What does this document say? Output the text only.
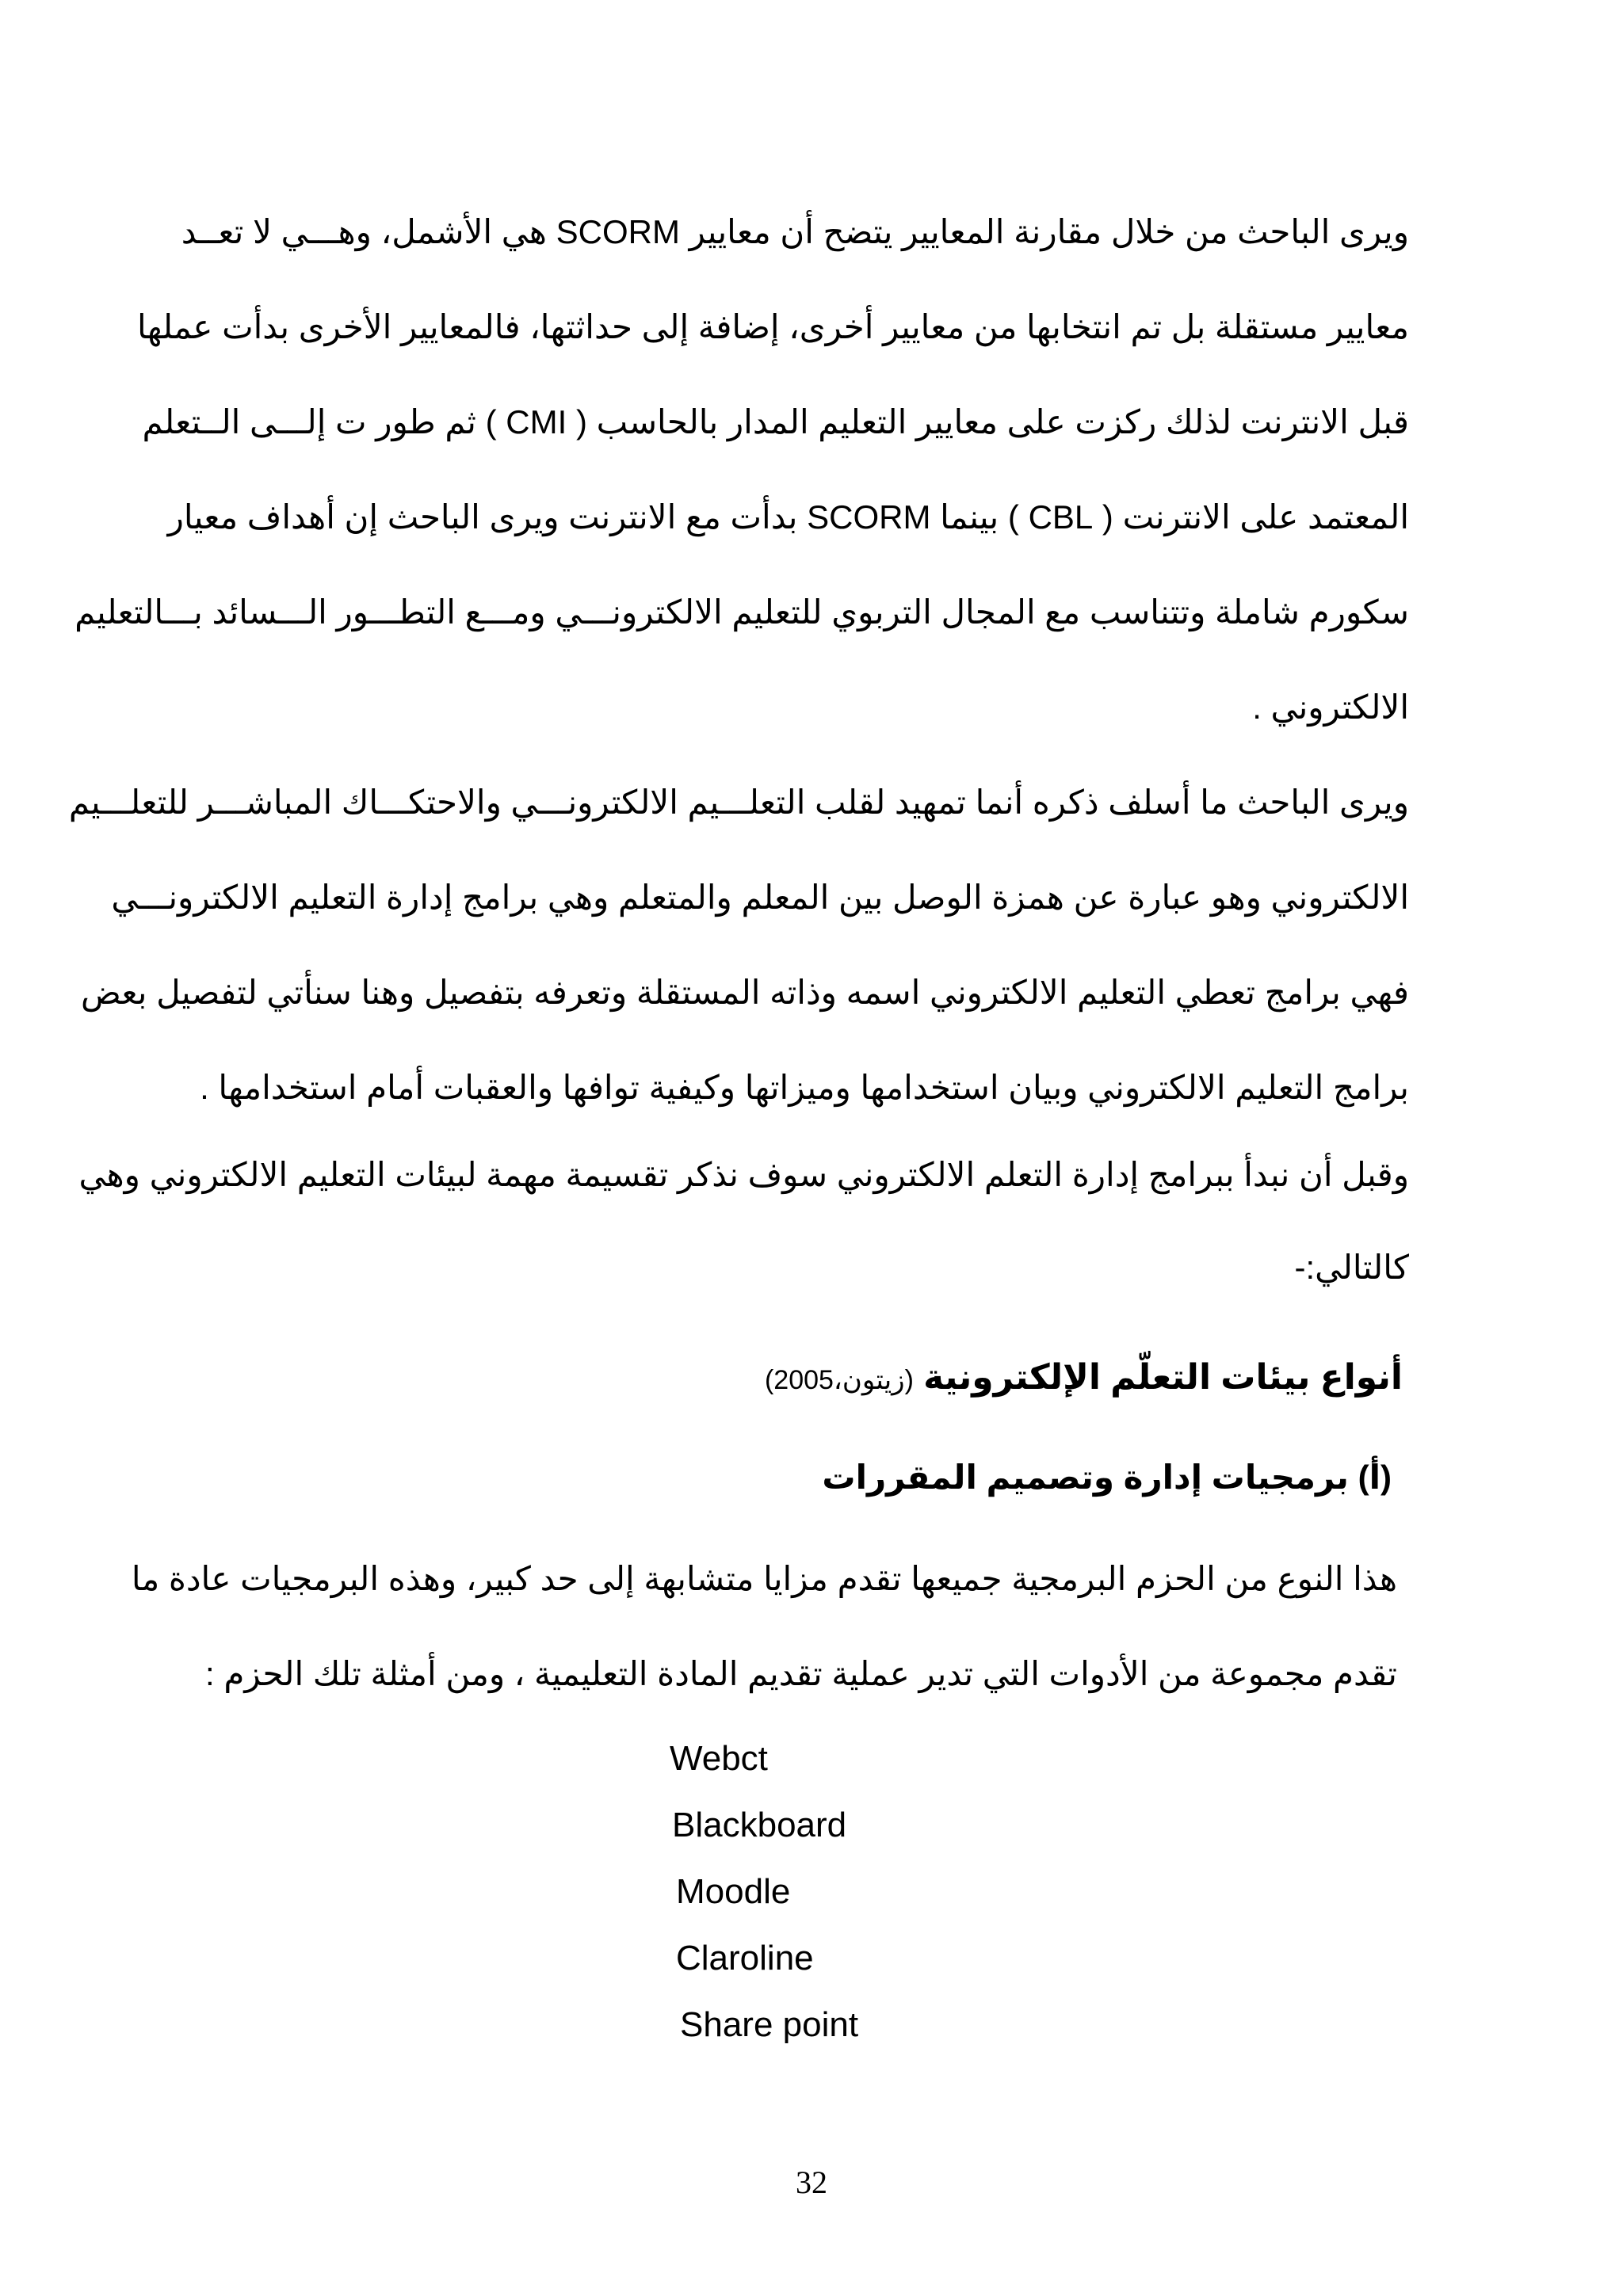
ويرى الباحث من خلال مقارنة المعايير يتضح أن معايير SCORM هي الأشمل، وهـــي لا تعــد
معايير مستقلة بل تم انتخابها من معايير أخرى، إضافة إلى حداثتها، فالمعايير الأخرى بدأت عملها
قبل الانترنت لذلك ركزت على معايير التعليم المدار بالحاسب ( CMI ) ثم طور ت إلـــى الــتعلم
المعتمد على الانترنت ( CBL ) بينما SCORM بدأت مع الانترنت ويرى الباحث إن أهداف معيار
سكورم شاملة وتتناسب مع المجال التربوي للتعليم الالكترونـــي ومـــع التطـــور الـــسائد بـــالتعليم
الالكتروني .
ويرى الباحث ما أسلف ذكره أنما تمهيد لقلب التعلـــيم الالكترونـــي والاحتكـــاك المباشـــر للتعلـــيم
الالكتروني وهو عبارة عن همزة الوصل بين المعلم والمتعلم وهي برامج إدارة التعليم الالكترونـــي
فهي برامج تعطي التعليم الالكتروني اسمه وذاته المستقلة وتعرفه بتفصيل وهنا سنأتي لتفصيل بعض
برامج التعليم الالكتروني وبيان استخدامها وميزاتها وكيفية توافها والعقبات أمام استخدامها .
وقبل أن نبدأ ببرامج إدارة التعلم الالكتروني سوف نذكر تقسيمة مهمة لبيئات التعليم الالكتروني وهي
كالتالي:-
أنواع بيئات التعلّم الإلكترونية (زيتون،2005)
(أ) برمجيات إدارة وتصميم المقررات
هذا النوع من الحزم البرمجية جميعها تقدم مزايا متشابهة إلى حد كبير، وهذه البرمجيات عادة ما
تقدم مجموعة من الأدوات التي تدير عملية تقديم المادة التعليمية ، ومن أمثلة تلك الحزم :
Webct
Blackboard
Moodle
Claroline
Share point
32
